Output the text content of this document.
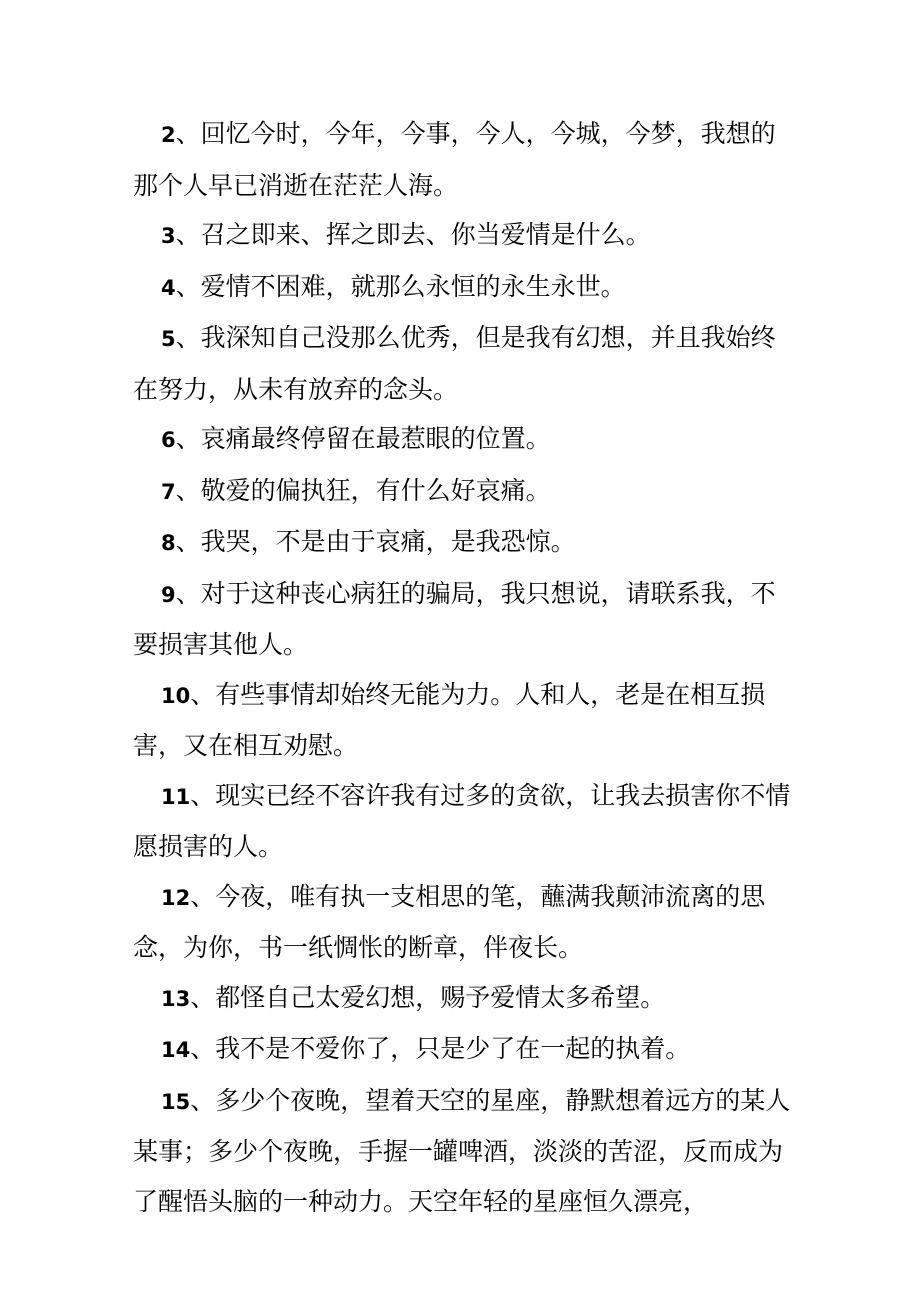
2、回忆今时，今年，今事，今人，今城，今梦，我想的那个人早已消逝在茫茫人海。

3、召之即来、挥之即去、你当爱情是什么。

4、爱情不困难，就那么永恒的永生永世。

5、我深知自己没那么优秀，但是我有幻想，并且我始终在努力，从未有放弃的念头。

6、哀痛最终停留在最惹眼的位置。

7、敬爱的偏执狂，有什么好哀痛。

8、我哭，不是由于哀痛，是我恐惊。

9、对于这种丧心病狂的骗局，我只想说，请联系我，不要损害其他人。

10、有些事情却始终无能为力。人和人，老是在相互损害，又在相互劝慰。

11、现实已经不容许我有过多的贪欲，让我去损害你不情愿损害的人。

12、今夜，唯有执一支相思的笔，蘸满我颠沛流离的思念，为你，书一纸惆怅的断章，伴夜长。

13、都怪自己太爱幻想，赐予爱情太多希望。

14、我不是不爱你了，只是少了在一起的执着。

15、多少个夜晚，望着天空的星座，静默想着远方的某人某事；多少个夜晚，手握一罐啤酒，淡淡的苦涩，反而成为了醒悟头脑的一种动力。天空年轻的星座恒久漂亮，
